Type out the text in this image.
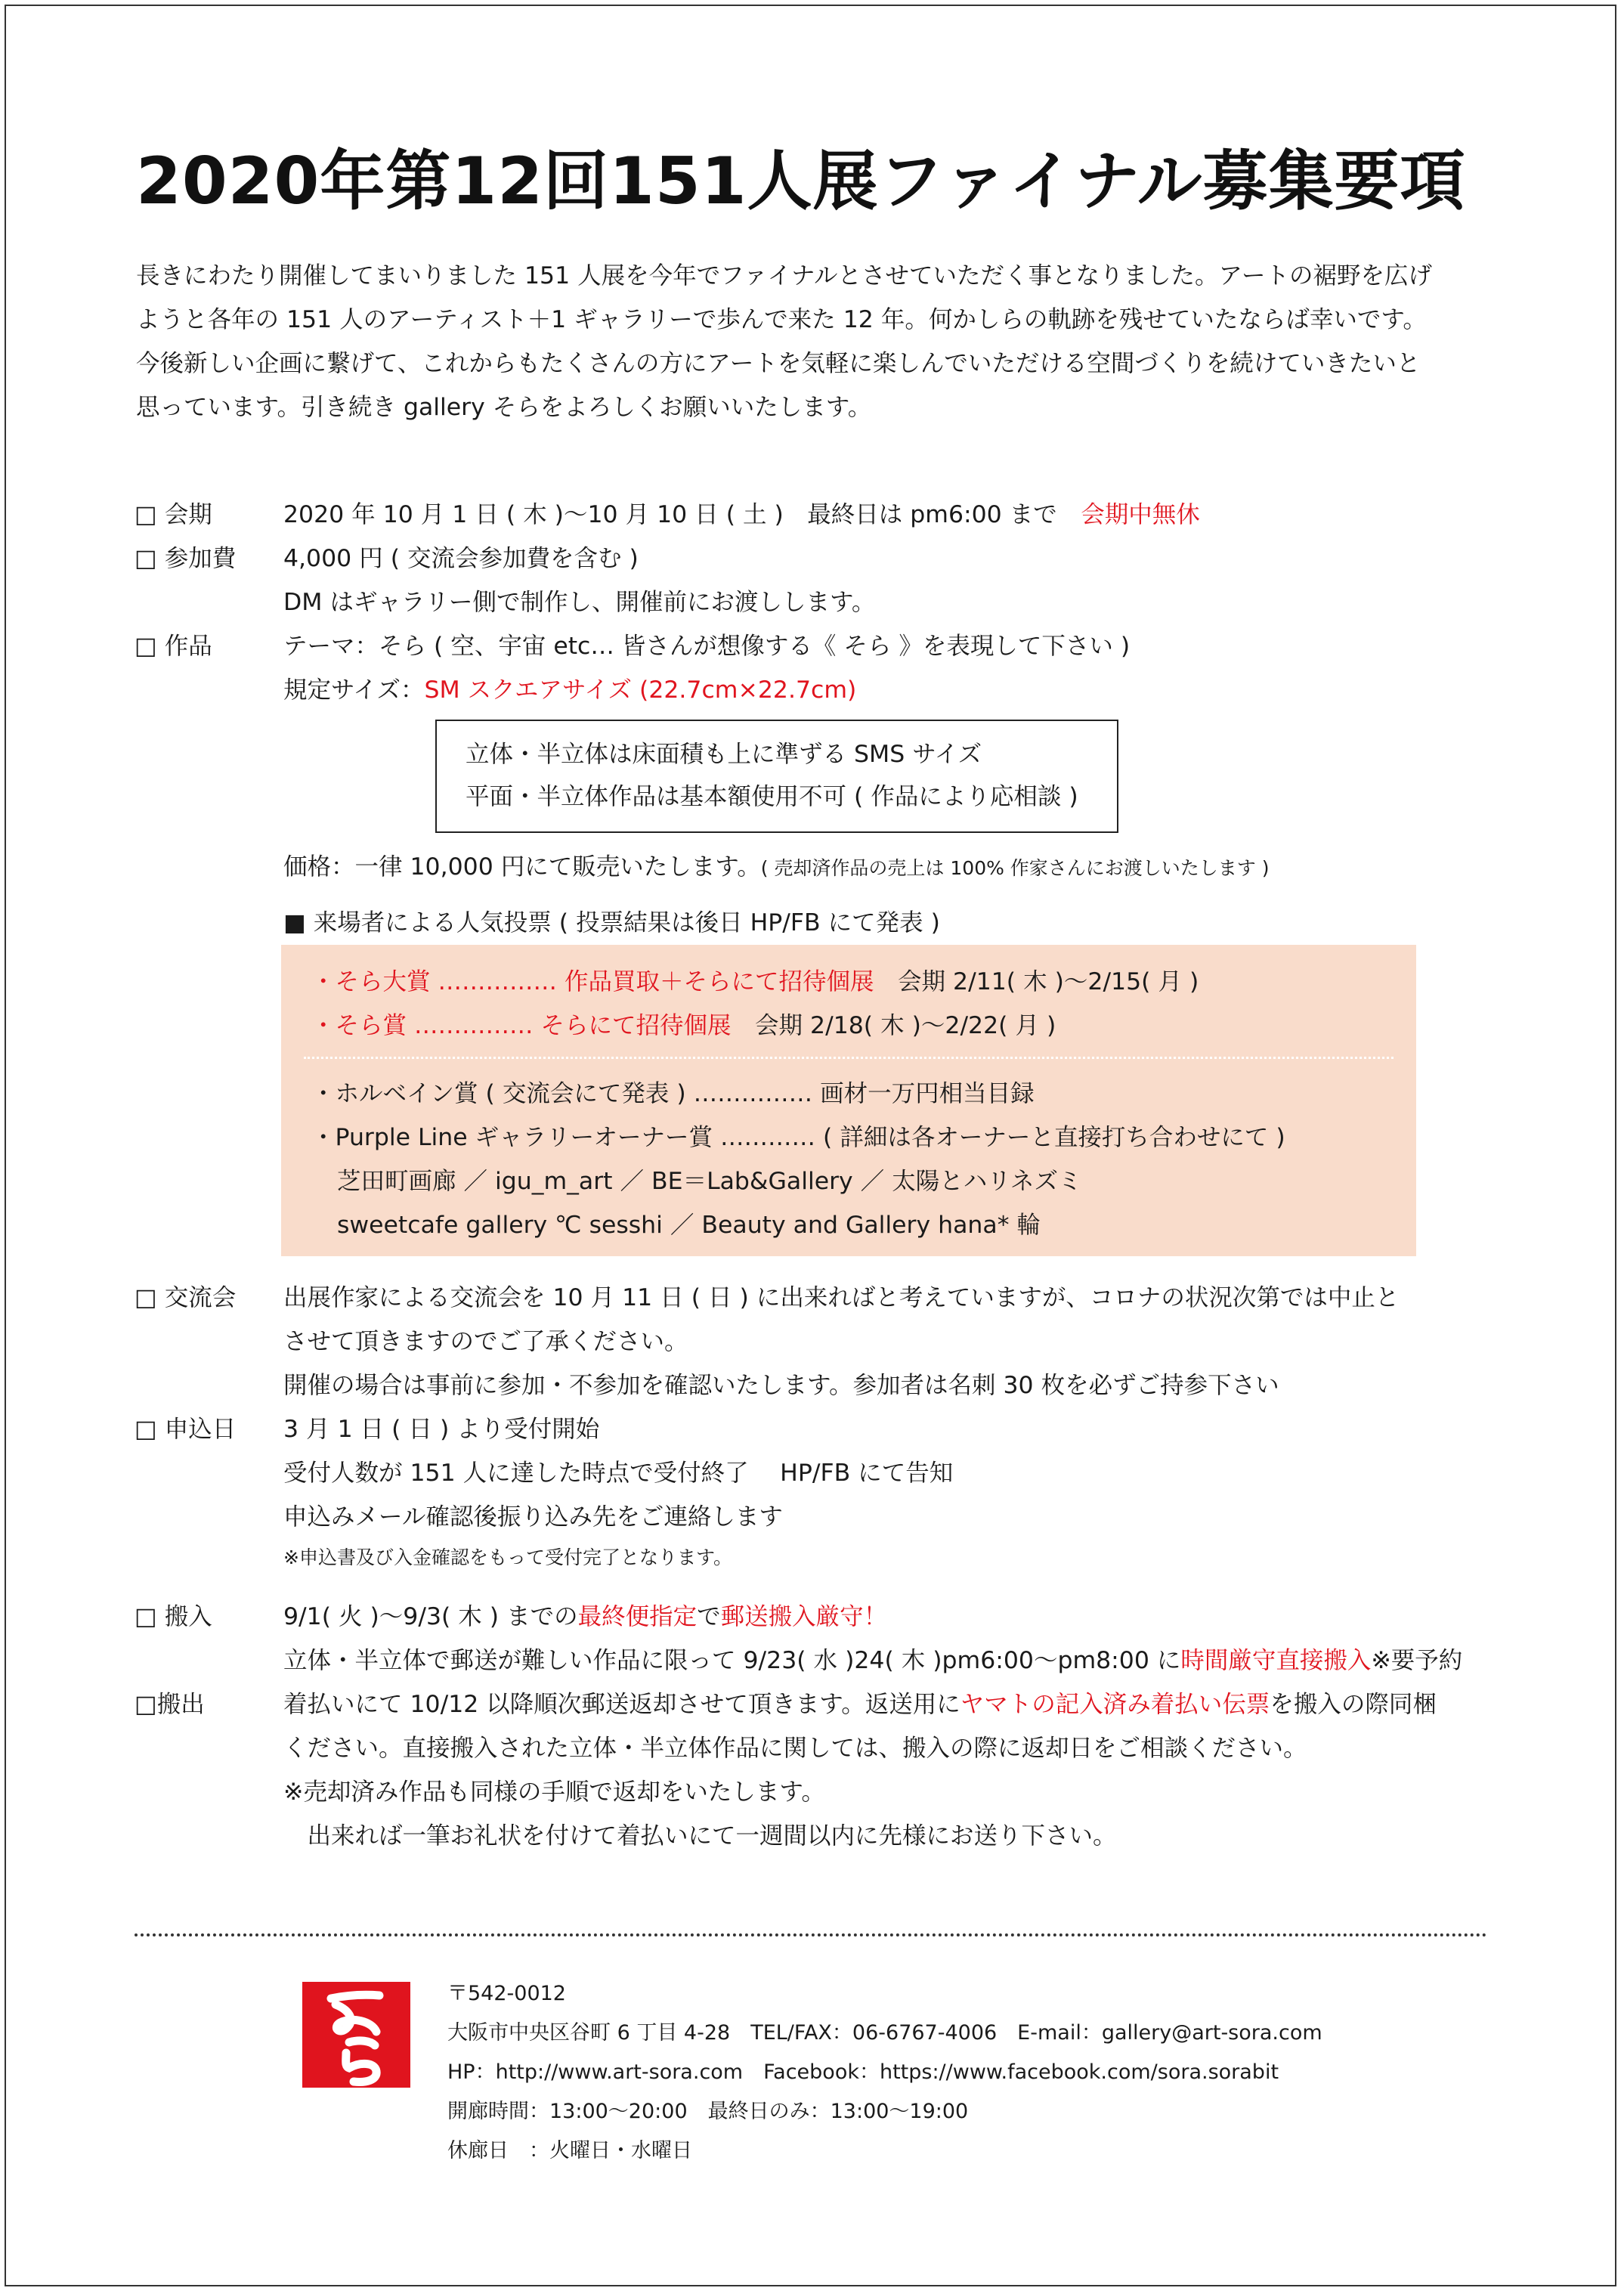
2020年第12回151人展ファイナル募集要項

長きにわたり開催してまいりました 151 人展を今年でファイナルとさせていただく事となりました。アートの裾野を広げ

ようと各年の 151 人のアーティスト＋1 ギャラリーで歩んで来た 12 年。何かしらの軌跡を残せていたならば幸いです。

今後新しい企画に繋げて、これからもたくさんの方にアートを気軽に楽しんでいただける空間づくりを続けていきたいと

思っています。引き続き gallery そらをよろしくお願いいたします。

□ 会期	2020 年 10 月 1 日 ( 木 )〜10 月 10 日 ( 土 )　最終日は pm6:00 まで　会期中無休
□ 参加費 4,000 円 ( 交流会参加費を含む )
DM はギャラリー側で制作し、開催前にお渡しします。
□ 作品	テーマ：そら ( 空、宇宙 etc… 皆さんが想像する《 そら 》を表現して下さい )
規定サイズ：SM スクエアサイズ (22.7cm×22.7cm)
立体・半立体は床面積も上に準ずる SMS サイズ
平面・半立体作品は基本額使用不可 ( 作品により応相談 )
価格：一律 10,000 円にて販売いたします。( 売却済作品の売上は 100% 作家さんにお渡しいたします )
■ 来場者による人気投票 ( 投票結果は後日 HP/FB にて発表 )
・そら大賞 …………… 作品買取＋そらにて招待個展　 会期 2/11( 木 )〜2/15( 月 )
・そら賞 …………… そらにて招待個展　 会期 2/18( 木 )〜2/22( 月 )
・ホルベイン賞 ( 交流会にて発表 ) …………… 画材一万円相当目録
・Purple Line ギャラリーオーナー賞 ………… ( 詳細は各オーナーと直接打ち合わせにて )
芝田町画廊 ／ igu_m_art ／ BE＝Lab&Gallery ／ 太陽とハリネズミ
sweetcafe gallery ℃ sesshi ／ Beauty and Gallery hana* 輪
□ 交流会 出展作家による交流会を 10 月 11 日 ( 日 ) に出来ればと考えていますが、コロナの状況次第では中止と
させて頂きますのでご了承ください。
開催の場合は事前に参加・不参加を確認いたします。参加者は名刺 30 枚を必ずご持参下さい
□ 申込日 3 月 1 日 ( 日 ) より受付開始
受付人数が 151 人に達した時点で受付終了　 HP/FB にて告知
申込みメール確認後振り込み先をご連絡します
※申込書及び入金確認をもって受付完了となります。
□ 搬入	9/1( 火 )〜9/3( 木 ) までの最終便指定で郵送搬入厳守！
立体・半立体で郵送が難しい作品に限って 9/23( 水 )24( 木 )pm6:00〜pm8:00 に時間厳守直接搬入※要予約
□搬出	着払いにて 10/12 以降順次郵送返却させて頂きます。返送用にヤマトの記入済み着払い伝票を搬入の際同梱
ください。直接搬入された立体・半立体作品に関しては、搬入の際に返却日をご相談ください。
※売却済み作品も同様の手順で返却をいたします。
　出来れば一筆お礼状を付けて着払いにて一週間以内に先様にお送り下さい。
〒542-0012
大阪市中央区谷町 6 丁目 4-28　TEL/FAX：06-6767-4006　E-mail：gallery@art-sora.com
HP：http://www.art-sora.com　Facebook：https://www.facebook.com/sora.sorabit
開廊時間：13:00〜20:00　最終日のみ：13:00〜19:00
休廊日　：火曜日・水曜日
